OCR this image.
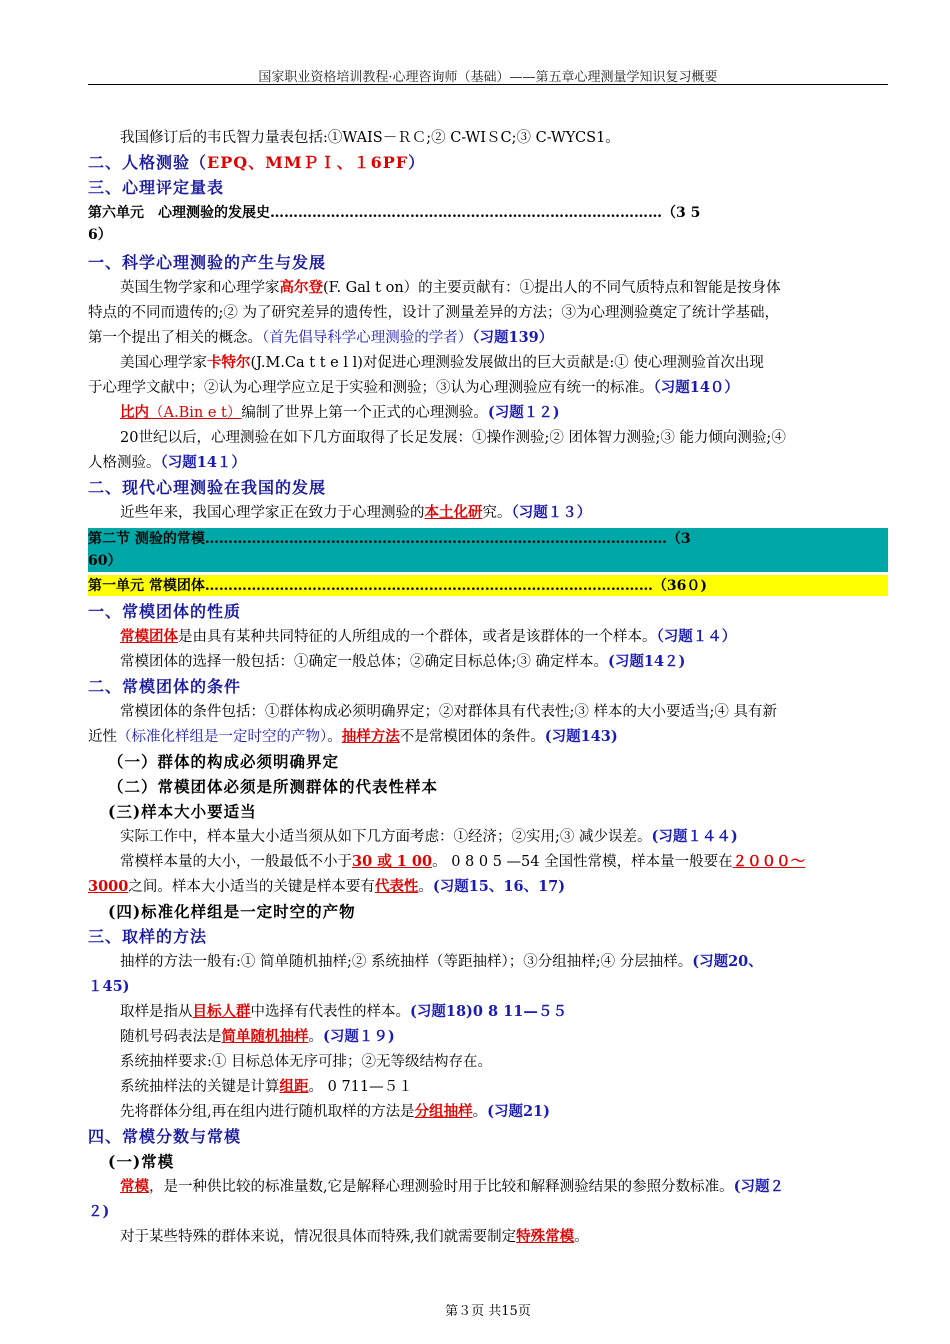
国家职业资格培训教程·心理咨询师（基础）——第五章心理测量学知识复习概要
我国修订后的韦氏智力量表包括:①WAIS－ＲＣ;② C-WIＳC;③ C-WYCS1。
二、人格测验（EPQ、MMＰＩ、１6PF）
三、心理评定量表
第六单元　心理测验的发展史…………………………………………………………………………（3 5
6）
一、科学心理测验的产生与发展
英国生物学家和心理学家高尔登(F. Gal t on）的主要贡献有：①提出人的不同气质特点和智能是按身体
特点的不同而遗传的;② 为了研究差异的遗传性，设计了测量差异的方法；③为心理测验奠定了统计学基础，
第一个提出了相关的概念。（首先倡导科学心理测验的学者）（习题139）
美国心理学家卡特尔(J.M.Ca t t e l l)对促进心理测验发展做出的巨大贡献是:① 使心理测验首次出现
于心理学文献中；②认为心理学应立足于实验和测验；③认为心理测验应有统一的标准。（习题14０）
比内（A.Bin e t）编制了世界上第一个正式的心理测验。(习题１２)
20世纪以后，心理测验在如下几方面取得了长足发展：①操作测验;② 团体智力测验;③ 能力倾向测验;④
人格测验。（习题14１）
二、现代心理测验在我国的发展
近些年来，我国心理学家正在致力于心理测验的本土化研究。（习题１３）
第二节 测验的常模………………………………………………………………………………………（3
60）
第一单元 常模团体……………………………………………………………………………………（36０)
一、常模团体的性质
常模团体是由具有某种共同特征的人所组成的一个群体，或者是该群体的一个样本。（习题１４）
常模团体的选择一般包括：①确定一般总体；②确定目标总体;③ 确定样本。(习题14２)
二、常模团体的条件
常模团体的条件包括：①群体构成必须明确界定；②对群体具有代表性;③ 样本的大小要适当;④ 具有新
近性（标准化样组是一定时空的产物）。抽样方法不是常模团体的条件。(习题143)
（一）群体的构成必须明确界定
（二）常模团体必须是所测群体的代表性样本
(三)样本大小要适当
实际工作中，样本量大小适当须从如下几方面考虑：①经济；②实用;③ 减少误差。(习题１４４)
常模样本量的大小，一般最低不小于30 或 1 00。 0 8 0 5 —54 全国性常模，样本量一般要在２０００～
3000之间。样本大小适当的关键是样本要有代表性。(习题15、16、17)
(四)标准化样组是一定时空的产物
三、取样的方法
抽样的方法一般有:① 简单随机抽样;② 系统抽样（等距抽样）；③分组抽样;④ 分层抽样。(习题20、
１45)
取样是指从目标人群中选择有代表性的样本。(习题18)0 8 11—５５
随机号码表法是简单随机抽样。(习题１９)
系统抽样要求:① 目标总体无序可排；②无等级结构存在。
系统抽样法的关键是计算组距。 0 711—５１
先将群体分组,再在组内进行随机取样的方法是分组抽样。(习题21)
四、常模分数与常模
(一)常模
常模，是一种供比较的标准量数,它是解释心理测验时用于比较和解释测验结果的参照分数标准。(习题２
２)
对于某些特殊的群体来说，情况很具体而特殊,我们就需要制定特殊常模。
第３页 共15页
